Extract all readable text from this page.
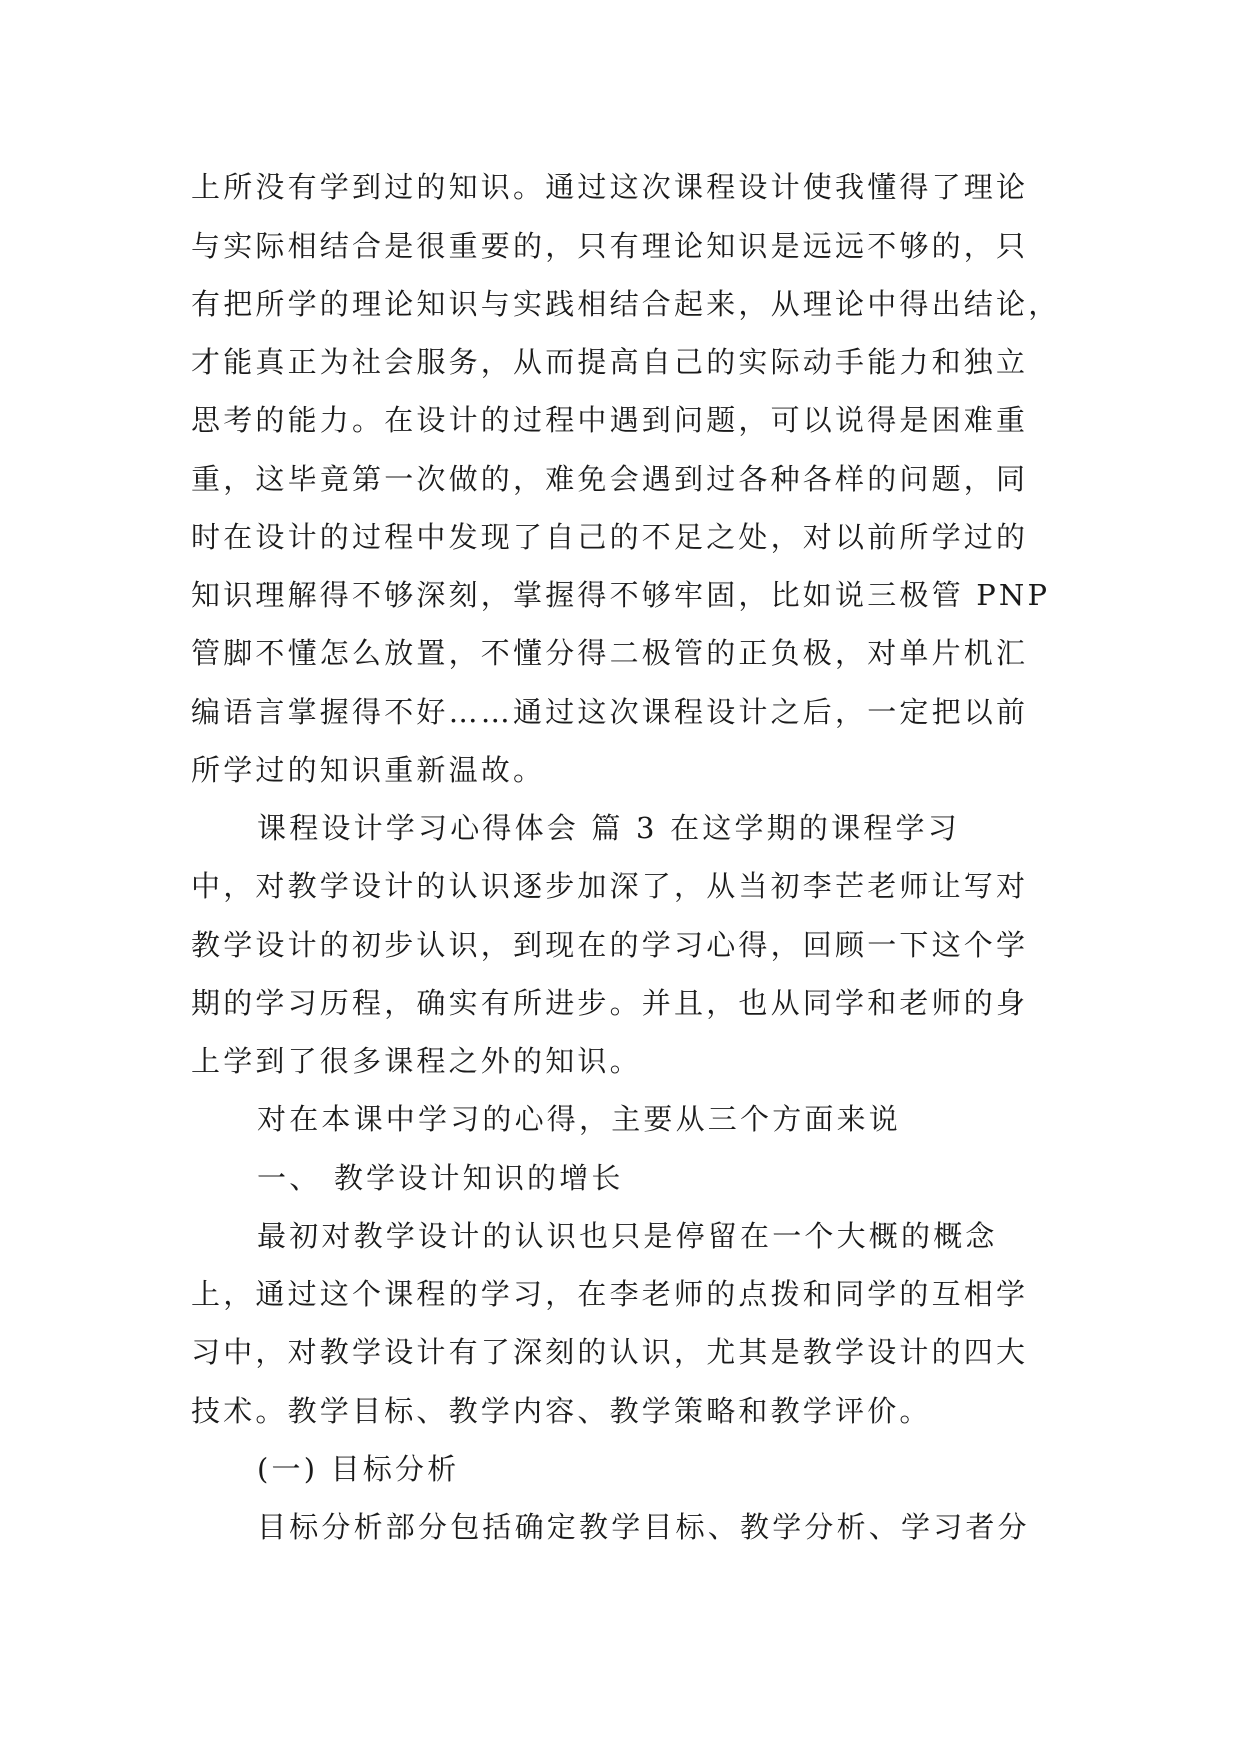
上所没有学到过的知识。通过这次课程设计使我懂得了理论
与实际相结合是很重要的，只有理论知识是远远不够的，只
有把所学的理论知识与实践相结合起来，从理论中得出结论，
才能真正为社会服务，从而提高自己的实际动手能力和独立
思考的能力。在设计的过程中遇到问题，可以说得是困难重
重，这毕竟第一次做的，难免会遇到过各种各样的问题，同
时在设计的过程中发现了自己的不足之处，对以前所学过的
知识理解得不够深刻，掌握得不够牢固，比如说三极管 PNP
管脚不懂怎么放置，不懂分得二极管的正负极，对单片机汇
编语言掌握得不好……通过这次课程设计之后，一定把以前
所学过的知识重新温故。
课程设计学习心得体会 篇 3 在这学期的课程学习
中，对教学设计的认识逐步加深了，从当初李芒老师让写对
教学设计的初步认识，到现在的学习心得，回顾一下这个学
期的学习历程，确实有所进步。并且，也从同学和老师的身
上学到了很多课程之外的知识。
对在本课中学习的心得，主要从三个方面来说
一、 教学设计知识的增长
最初对教学设计的认识也只是停留在一个大概的概念
上，通过这个课程的学习，在李老师的点拨和同学的互相学
习中，对教学设计有了深刻的认识，尤其是教学设计的四大
技术。教学目标、教学内容、教学策略和教学评价。
(一) 目标分析
目标分析部分包括确定教学目标、教学分析、学习者分
